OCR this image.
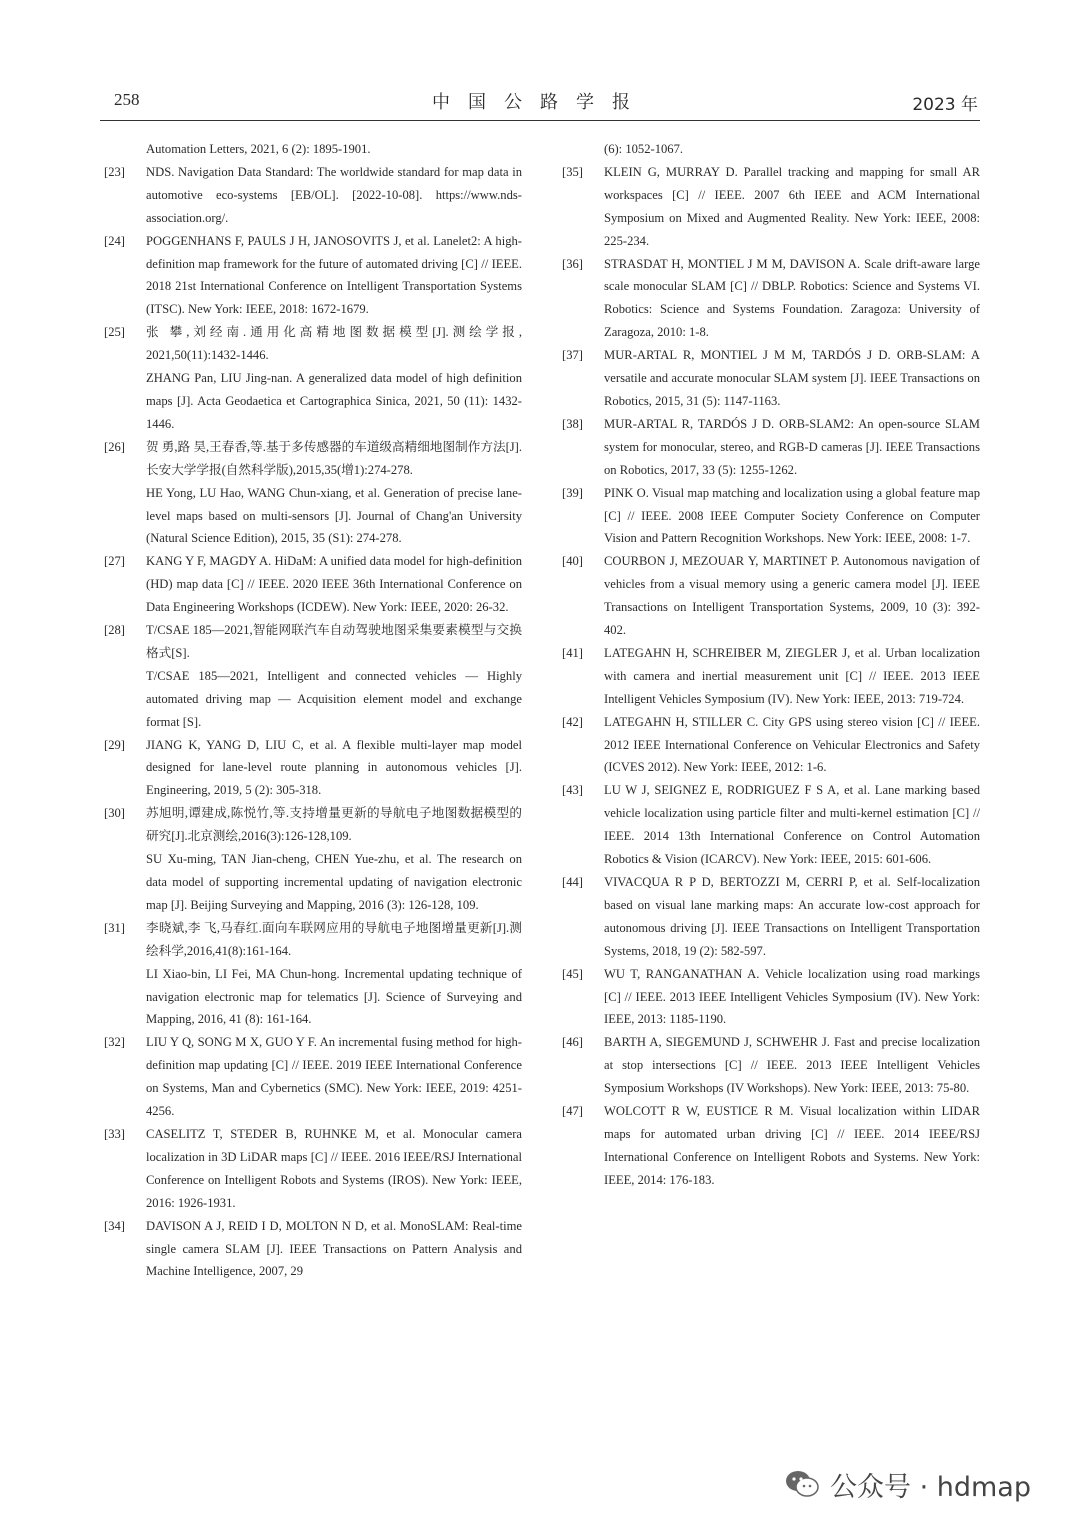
258	中国公路学报	2023 年
Automation Letters, 2021, 6 (2): 1895-1901.
[23]	NDS. Navigation Data Standard: The worldwide standard for map data in automotive eco-systems [EB/OL]. [2022-10-08]. https://www.nds-association.org/.

[24]	POGGENHANS F, PAULS J H, JANOSOVITS J, et al. Lanelet2: A high-definition map framework for the future of automated driving [C] // IEEE. 2018 21st International Conference on Intelligent Transportation Systems (ITSC). New York: IEEE, 2018: 1672-1679.

[25]	张 攀,刘经南.通用化高精地图数据模型[J].测绘学报, 2021,50(11):1432-1446.

ZHANG Pan, LIU Jing-nan. A generalized data model of high definition maps [J]. Acta Geodaetica et Cartographica Sinica, 2021, 50 (11): 1432-1446.

[26]	贺 勇,路 昊,王春香,等.基于多传感器的车道级高精细地图制作方法[J].长安大学学报(自然科学版),2015,35(增1):274-278.

HE Yong, LU Hao, WANG Chun-xiang, et al. Generation of precise lane-level maps based on multi-sensors [J]. Journal of Chang'an University (Natural Science Edition), 2015, 35 (S1): 274-278.

[27]	KANG Y F, MAGDY A. HiDaM: A unified data model for high-definition (HD) map data [C] // IEEE. 2020 IEEE 36th International Conference on Data Engineering Workshops (ICDEW). New York: IEEE, 2020: 26-32.

[28]	T/CSAE 185—2021,智能网联汽车自动驾驶地图采集要素模型与交换格式[S].

T/CSAE 185—2021, Intelligent and connected vehicles — Highly automated driving map — Acquisition element model and exchange format [S].

[29]	JIANG K, YANG D, LIU C, et al. A flexible multi-layer map model designed for lane-level route planning in autonomous vehicles [J]. Engineering, 2019, 5 (2): 305-318.

[30]	苏旭明,谭建成,陈悦竹,等.支持增量更新的导航电子地图数据模型的研究[J].北京测绘,2016(3):126-128,109.

SU Xu-ming, TAN Jian-cheng, CHEN Yue-zhu, et al. The research on data model of supporting incremental updating of navigation electronic map [J]. Beijing Surveying and Mapping, 2016 (3): 126-128, 109.

[31]	李晓斌,李 飞,马春红.面向车联网应用的导航电子地图增量更新[J].测绘科学,2016,41(8):161-164.

LI Xiao-bin, LI Fei, MA Chun-hong. Incremental updating technique of navigation electronic map for telematics [J]. Science of Surveying and Mapping, 2016, 41 (8): 161-164.

[32]	LIU Y Q, SONG M X, GUO Y F. An incremental fusing method for high-definition map updating [C] // IEEE. 2019 IEEE International Conference on Systems, Man and Cybernetics (SMC). New York: IEEE, 2019: 4251-4256.

[33]	CASELITZ T, STEDER B, RUHNKE M, et al. Monocular camera localization in 3D LiDAR maps [C] // IEEE. 2016 IEEE/RSJ International Conference on Intelligent Robots and Systems (IROS). New York: IEEE, 2016: 1926-1931.

[34]	DAVISON A J, REID I D, MOLTON N D, et al. MonoSLAM: Real-time single camera SLAM [J]. IEEE Transactions on Pattern Analysis and Machine Intelligence, 2007, 29

(6): 1052-1067.
[35]	KLEIN G, MURRAY D. Parallel tracking and mapping for small AR workspaces [C] // IEEE. 2007 6th IEEE and ACM International Symposium on Mixed and Augmented Reality. New York: IEEE, 2008: 225-234.

[36]	STRASDAT H, MONTIEL J M M, DAVISON A. Scale drift-aware large scale monocular SLAM [C] // DBLP. Robotics: Science and Systems VI. Robotics: Science and Systems Foundation. Zaragoza: University of Zaragoza, 2010: 1-8.

[37]	MUR-ARTAL R, MONTIEL J M M, TARDÓS J D. ORB-SLAM: A versatile and accurate monocular SLAM system [J]. IEEE Transactions on Robotics, 2015, 31 (5): 1147-1163.

[38]	MUR-ARTAL R, TARDÓS J D. ORB-SLAM2: An open-source SLAM system for monocular, stereo, and RGB-D cameras [J]. IEEE Transactions on Robotics, 2017, 33 (5): 1255-1262.

[39]	PINK O. Visual map matching and localization using a global feature map [C] // IEEE. 2008 IEEE Computer Society Conference on Computer Vision and Pattern Recognition Workshops. New York: IEEE, 2008: 1-7.

[40]	COURBON J, MEZOUAR Y, MARTINET P. Autonomous navigation of vehicles from a visual memory using a generic camera model [J]. IEEE Transactions on Intelligent Transportation Systems, 2009, 10 (3): 392-402.

[41]	LATEGAHN H, SCHREIBER M, ZIEGLER J, et al. Urban localization with camera and inertial measurement unit [C] // IEEE. 2013 IEEE Intelligent Vehicles Symposium (IV). New York: IEEE, 2013: 719-724.

[42]	LATEGAHN H, STILLER C. City GPS using stereo vision [C] // IEEE. 2012 IEEE International Conference on Vehicular Electronics and Safety (ICVES 2012). New York: IEEE, 2012: 1-6.

[43]	LU W J, SEIGNEZ E, RODRIGUEZ F S A, et al. Lane marking based vehicle localization using particle filter and multi-kernel estimation [C] // IEEE. 2014 13th International Conference on Control Automation Robotics & Vision (ICARCV). New York: IEEE, 2015: 601-606.

[44]	VIVACQUA R P D, BERTOZZI M, CERRI P, et al. Self-localization based on visual lane marking maps: An accurate low-cost approach for autonomous driving [J]. IEEE Transactions on Intelligent Transportation Systems, 2018, 19 (2): 582-597.

[45]	WU T, RANGANATHAN A. Vehicle localization using road markings [C] // IEEE. 2013 IEEE Intelligent Vehicles Symposium (IV). New York: IEEE, 2013: 1185-1190.

[46]	BARTH A, SIEGEMUND J, SCHWEHR J. Fast and precise localization at stop intersections [C] // IEEE. 2013 IEEE Intelligent Vehicles Symposium Workshops (IV Workshops). New York: IEEE, 2013: 75-80.

[47]	WOLCOTT R W, EUSTICE R M. Visual localization within LIDAR maps for automated urban driving [C] // IEEE. 2014 IEEE/RSJ International Conference on Intelligent Robots and Systems. New York: IEEE, 2014: 176-183.

公众号 · hdmap
